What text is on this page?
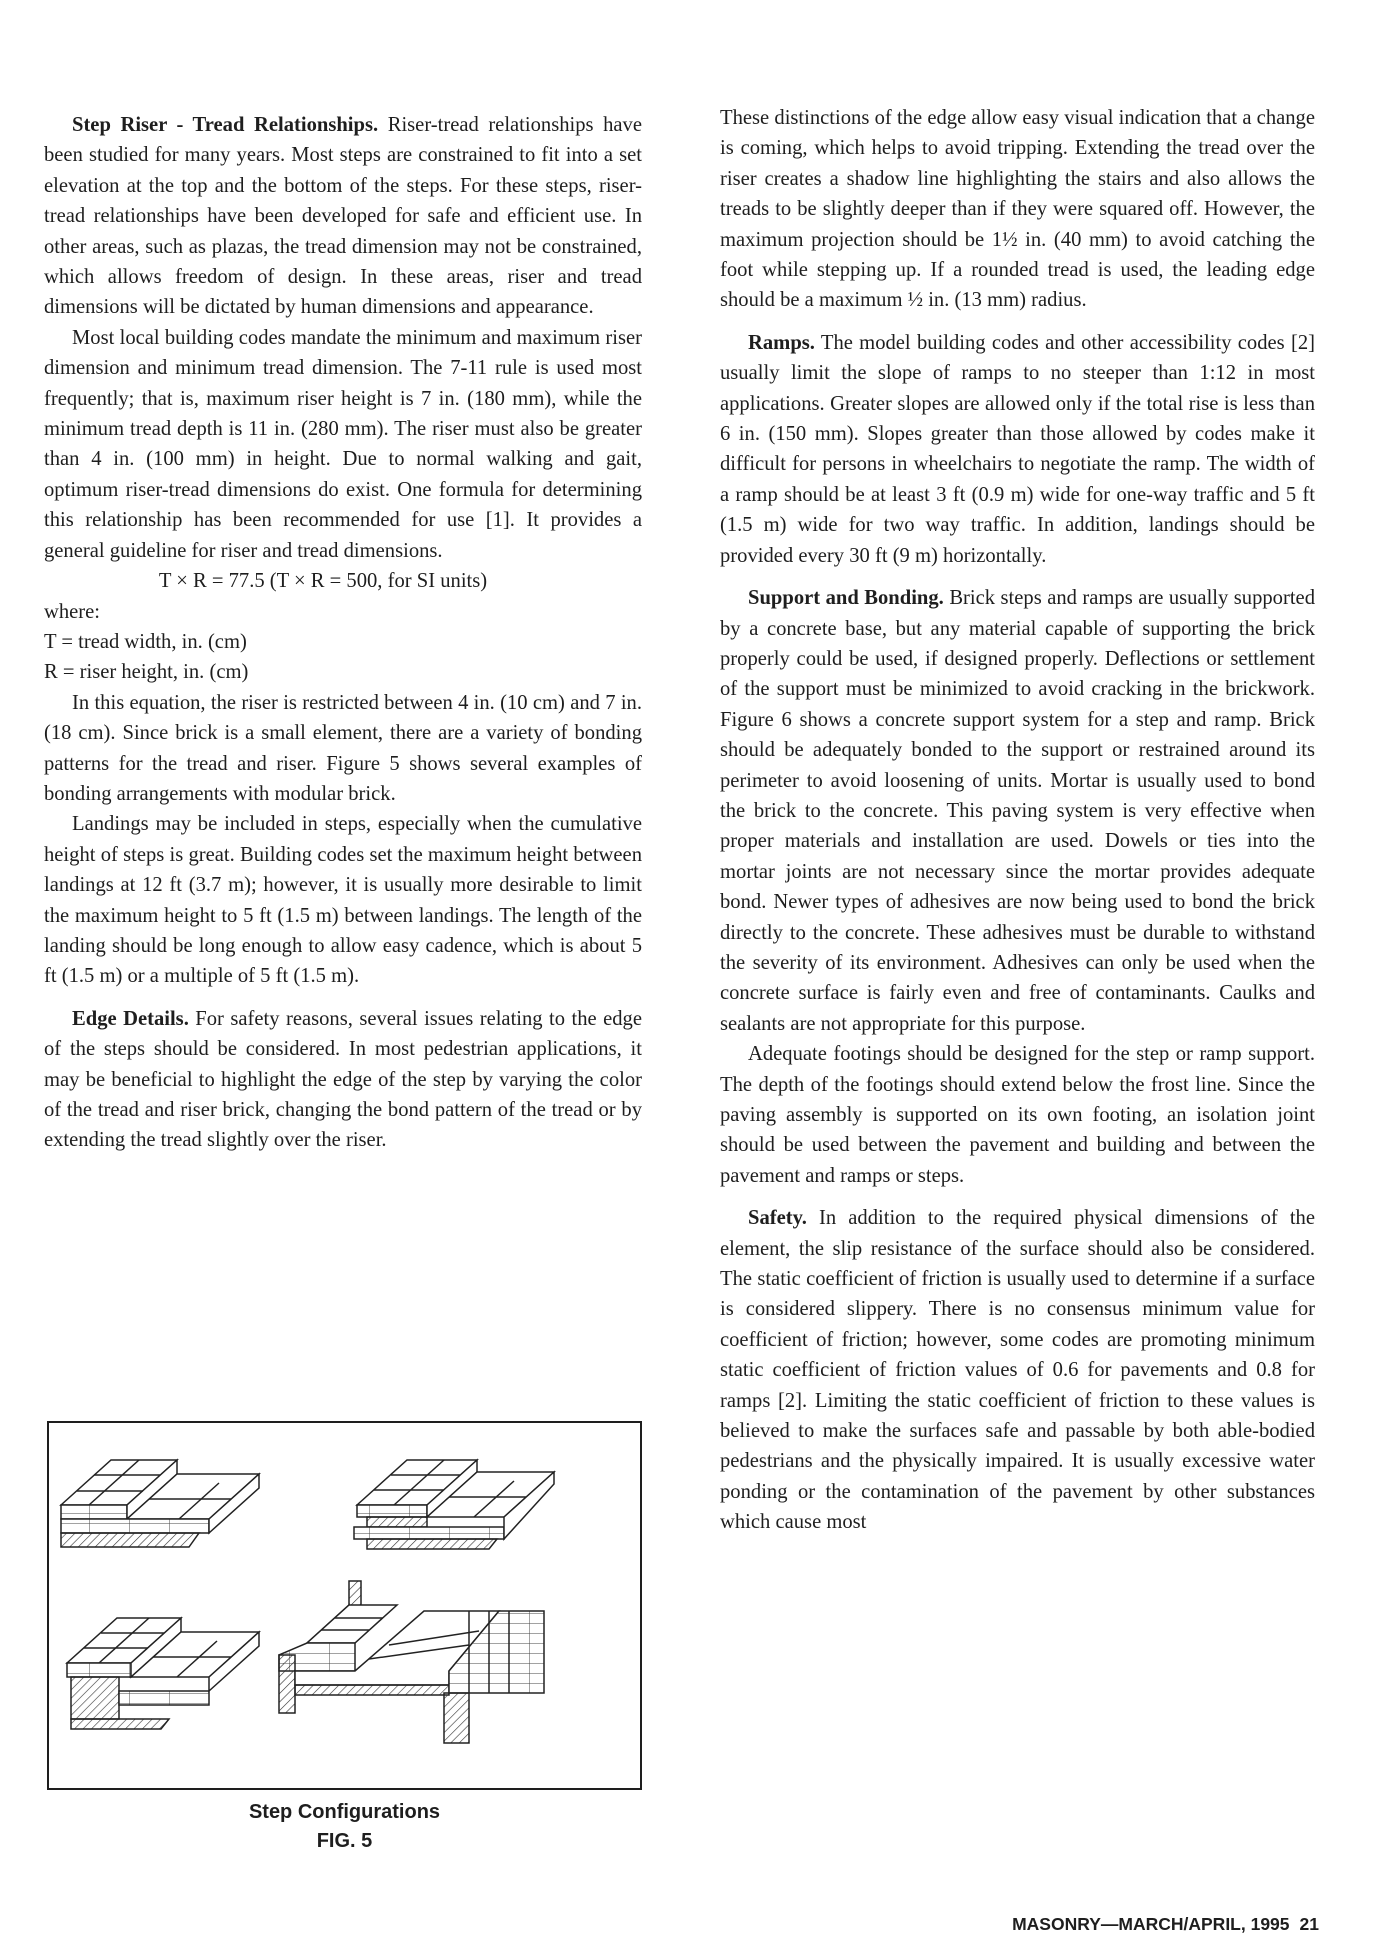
Step Riser - Tread Relationships. Riser-tread relationships have been studied for many years. Most steps are constrained to fit into a set elevation at the top and the bottom of the steps. For these steps, riser-tread relationships have been developed for safe and efficient use. In other areas, such as plazas, the tread dimension may not be constrained, which allows freedom of design. In these areas, riser and tread dimensions will be dictated by human dimensions and appearance.

Most local building codes mandate the minimum and maximum riser dimension and minimum tread dimension. The 7-11 rule is used most frequently; that is, maximum riser height is 7 in. (180 mm), while the minimum tread depth is 11 in. (280 mm). The riser must also be greater than 4 in. (100 mm) in height. Due to normal walking and gait, optimum riser-tread dimensions do exist. One formula for determining this relationship has been recommended for use [1]. It provides a general guideline for riser and tread dimensions.

T × R = 77.5 (T × R = 500, for SI units)

where:

T = tread width, in. (cm)

R = riser height, in. (cm)

In this equation, the riser is restricted between 4 in. (10 cm) and 7 in. (18 cm). Since brick is a small element, there are a variety of bonding patterns for the tread and riser. Figure 5 shows several examples of bonding arrangements with modular brick.

Landings may be included in steps, especially when the cumulative height of steps is great. Building codes set the maximum height between landings at 12 ft (3.7 m); however, it is usually more desirable to limit the maximum height to 5 ft (1.5 m) between landings. The length of the landing should be long enough to allow easy cadence, which is about 5 ft (1.5 m) or a multiple of 5 ft (1.5 m).

Edge Details. For safety reasons, several issues relating to the edge of the steps should be considered. In most pedestrian applications, it may be beneficial to highlight the edge of the step by varying the color of the tread and riser brick, changing the bond pattern of the tread or by extending the tread slightly over the riser.

Step Configurations
FIG. 5

These distinctions of the edge allow easy visual indication that a change is coming, which helps to avoid tripping. Extending the tread over the riser creates a shadow line highlighting the stairs and also allows the treads to be slightly deeper than if they were squared off. However, the maximum projection should be 1½ in. (40 mm) to avoid catching the foot while stepping up. If a rounded tread is used, the leading edge should be a maximum ½ in. (13 mm) radius.

Ramps. The model building codes and other accessibility codes [2] usually limit the slope of ramps to no steeper than 1:12 in most applications. Greater slopes are allowed only if the total rise is less than 6 in. (150 mm). Slopes greater than those allowed by codes make it difficult for persons in wheelchairs to negotiate the ramp. The width of a ramp should be at least 3 ft (0.9 m) wide for one-way traffic and 5 ft (1.5 m) wide for two way traffic. In addition, landings should be provided every 30 ft (9 m) horizontally.

Support and Bonding. Brick steps and ramps are usually supported by a concrete base, but any material capable of supporting the brick properly could be used, if designed properly. Deflections or settlement of the support must be minimized to avoid cracking in the brickwork. Figure 6 shows a concrete support system for a step and ramp. Brick should be adequately bonded to the support or restrained around its perimeter to avoid loosening of units. Mortar is usually used to bond the brick to the concrete. This paving system is very effective when proper materials and installation are used. Dowels or ties into the mortar joints are not necessary since the mortar provides adequate bond. Newer types of adhesives are now being used to bond the brick directly to the concrete. These adhesives must be durable to withstand the severity of its environment. Adhesives can only be used when the concrete surface is fairly even and free of contaminants. Caulks and sealants are not appropriate for this purpose.

Adequate footings should be designed for the step or ramp support. The depth of the footings should extend below the frost line. Since the paving assembly is supported on its own footing, an isolation joint should be used between the pavement and building and between the pavement and ramps or steps.

Safety. In addition to the required physical dimensions of the element, the slip resistance of the surface should also be considered. The static coefficient of friction is usually used to determine if a surface is considered slippery. There is no consensus minimum value for coefficient of friction; however, some codes are promoting minimum static coefficient of friction values of 0.6 for pavements and 0.8 for ramps [2]. Limiting the static coefficient of friction to these values is believed to make the surfaces safe and passable by both able-bodied pedestrians and the physically impaired. It is usually excessive water ponding or the contamination of the pavement by other substances which cause most

MASONRY—MARCH/APRIL, 1995 21
